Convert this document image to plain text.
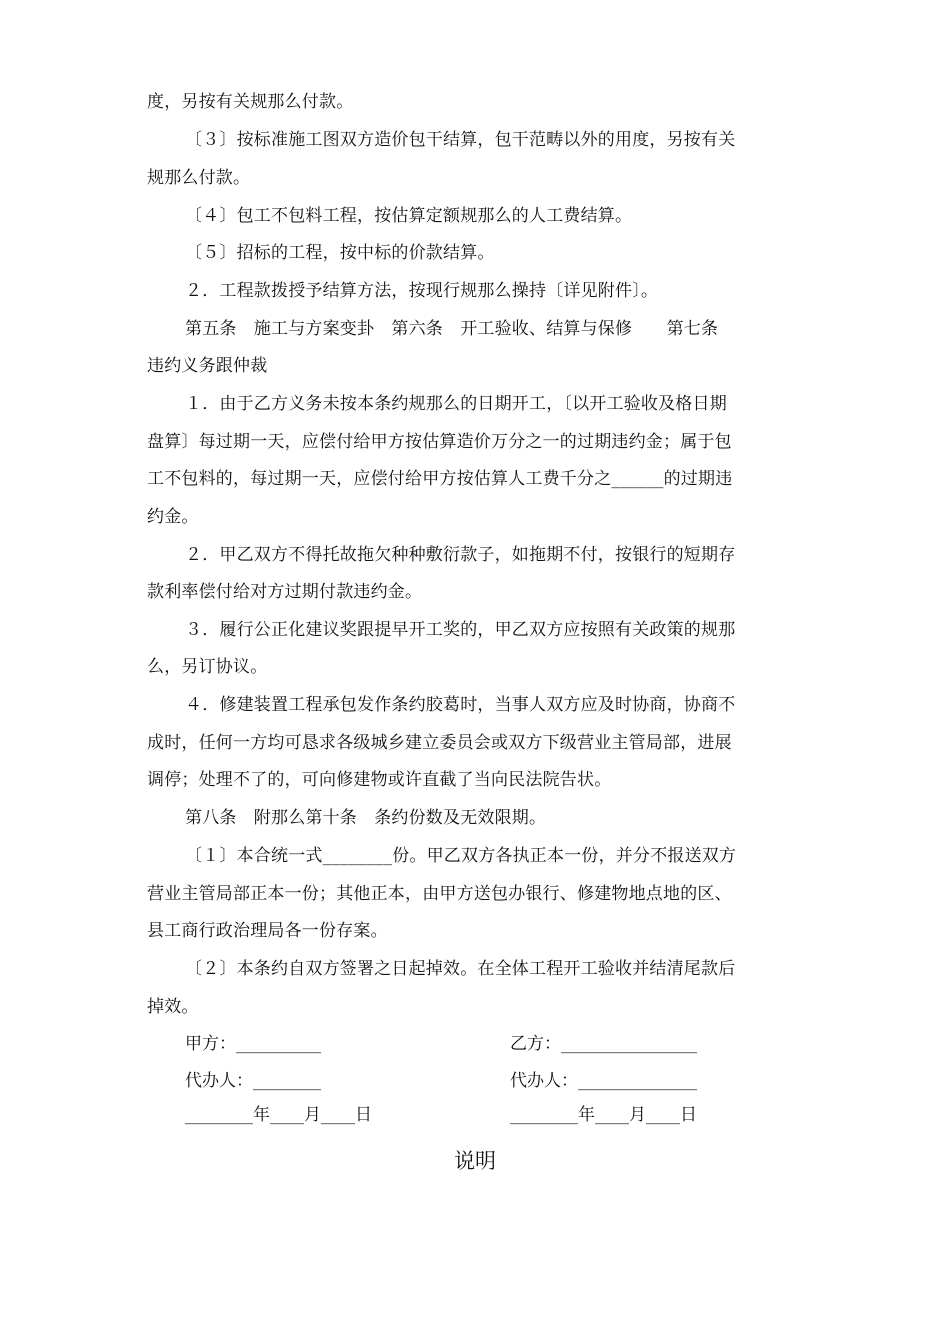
度，另按有关规那么付款。
〔３〕按标准施工图双方造价包干结算，包干范畴以外的用度，另按有关
规那么付款。
〔４〕包工不包料工程，按估算定额规那么的人工费结算。
〔５〕招标的工程，按中标的价款结算。
２．工程款拨授予结算方法，按现行规那么操持〔详见附件〕。
第五条　施工与方案变卦　第六条　开工验收、结算与保修　　第七条
违约义务跟仲裁
１．由于乙方义务未按本条约规那么的日期开工，〔以开工验收及格日期
盘算〕每过期一天，应偿付给甲方按估算造价万分之一的过期违约金；属于包
工不包料的，每过期一天，应偿付给甲方按估算人工费千分之______的过期违
约金。
２．甲乙双方不得托故拖欠种种敷衍款子，如拖期不付，按银行的短期存
款利率偿付给对方过期付款违约金。
３．履行公正化建议奖跟提早开工奖的，甲乙双方应按照有关政策的规那
么，另订协议。
４．修建装置工程承包发作条约胶葛时，当事人双方应及时协商，协商不
成时，任何一方均可恳求各级城乡建立委员会或双方下级营业主管局部，进展
调停；处理不了的，可向修建物或许直截了当向民法院告状。
第八条　附那么第十条　条约份数及无效限期。
〔１〕本合统一式________份。甲乙双方各执正本一份，并分不报送双方
营业主管局部正本一份；其他正本，由甲方送包办银行、修建物地点地的区、
县工商行政治理局各一份存案。
〔２〕本条约自双方签署之日起掉效。在全体工程开工验收并结清尾款后
掉效。
甲方：__________	乙方：________________
代办人：________	代办人：______________
________年____月____日	________年____月____日
说明
